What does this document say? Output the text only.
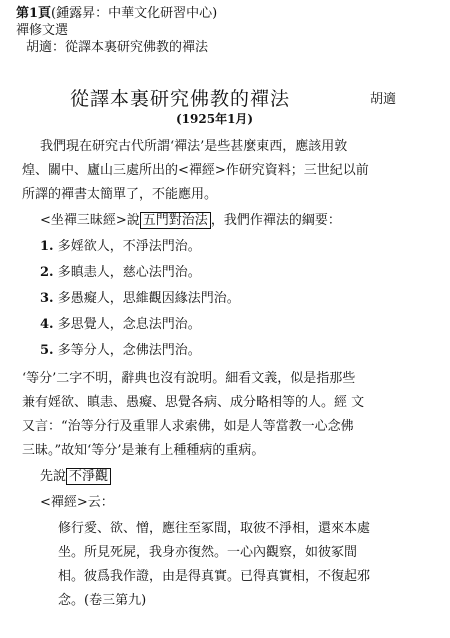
第1頁(鍾露昇：中華文化研習中心)
禪修文選
胡適：從譯本裏研究佛教的禪法
從譯本裏研究佛教的禪法	胡適
(1925年1月)
我們現在研究古代所謂‘禪法’是些甚麼東西，應該用敦
煌、關中、廬山三處所出的<禪經>作研究資料；三世紀以前
所譯的禪書太簡單了，不能應用。
<坐禪三昧經>說 五門對治法 ，我們作禪法的綱要：
1. 多婬欲人，不淨法門治。
2. 多瞋恚人，慈心法門治。
3. 多愚癡人，思維觀因緣法門治。
4. 多思覺人，念息法門治。
5. 多等分人，念佛法門治。
‘等分’二字不明，辭典也沒有說明。細看文義，似是指那些
兼有婬欲、瞋恚、愚癡、思覺各病、成分略相等的人。經 文
又言：“治等分行及重罪人求索佛，如是人等當教一心念佛
三昧。”故知‘等分’是兼有上種種病的重病。
先說 不淨觀
<禪經>云：
修行愛、欲、憎，應往至冢間，取彼不淨相，還來本處
坐。所見死屍，我身亦復然。一心內觀察，如彼冢間
相。彼爲我作證，由是得真實。已得真實相，不復起邪
念。(卷三第九)
